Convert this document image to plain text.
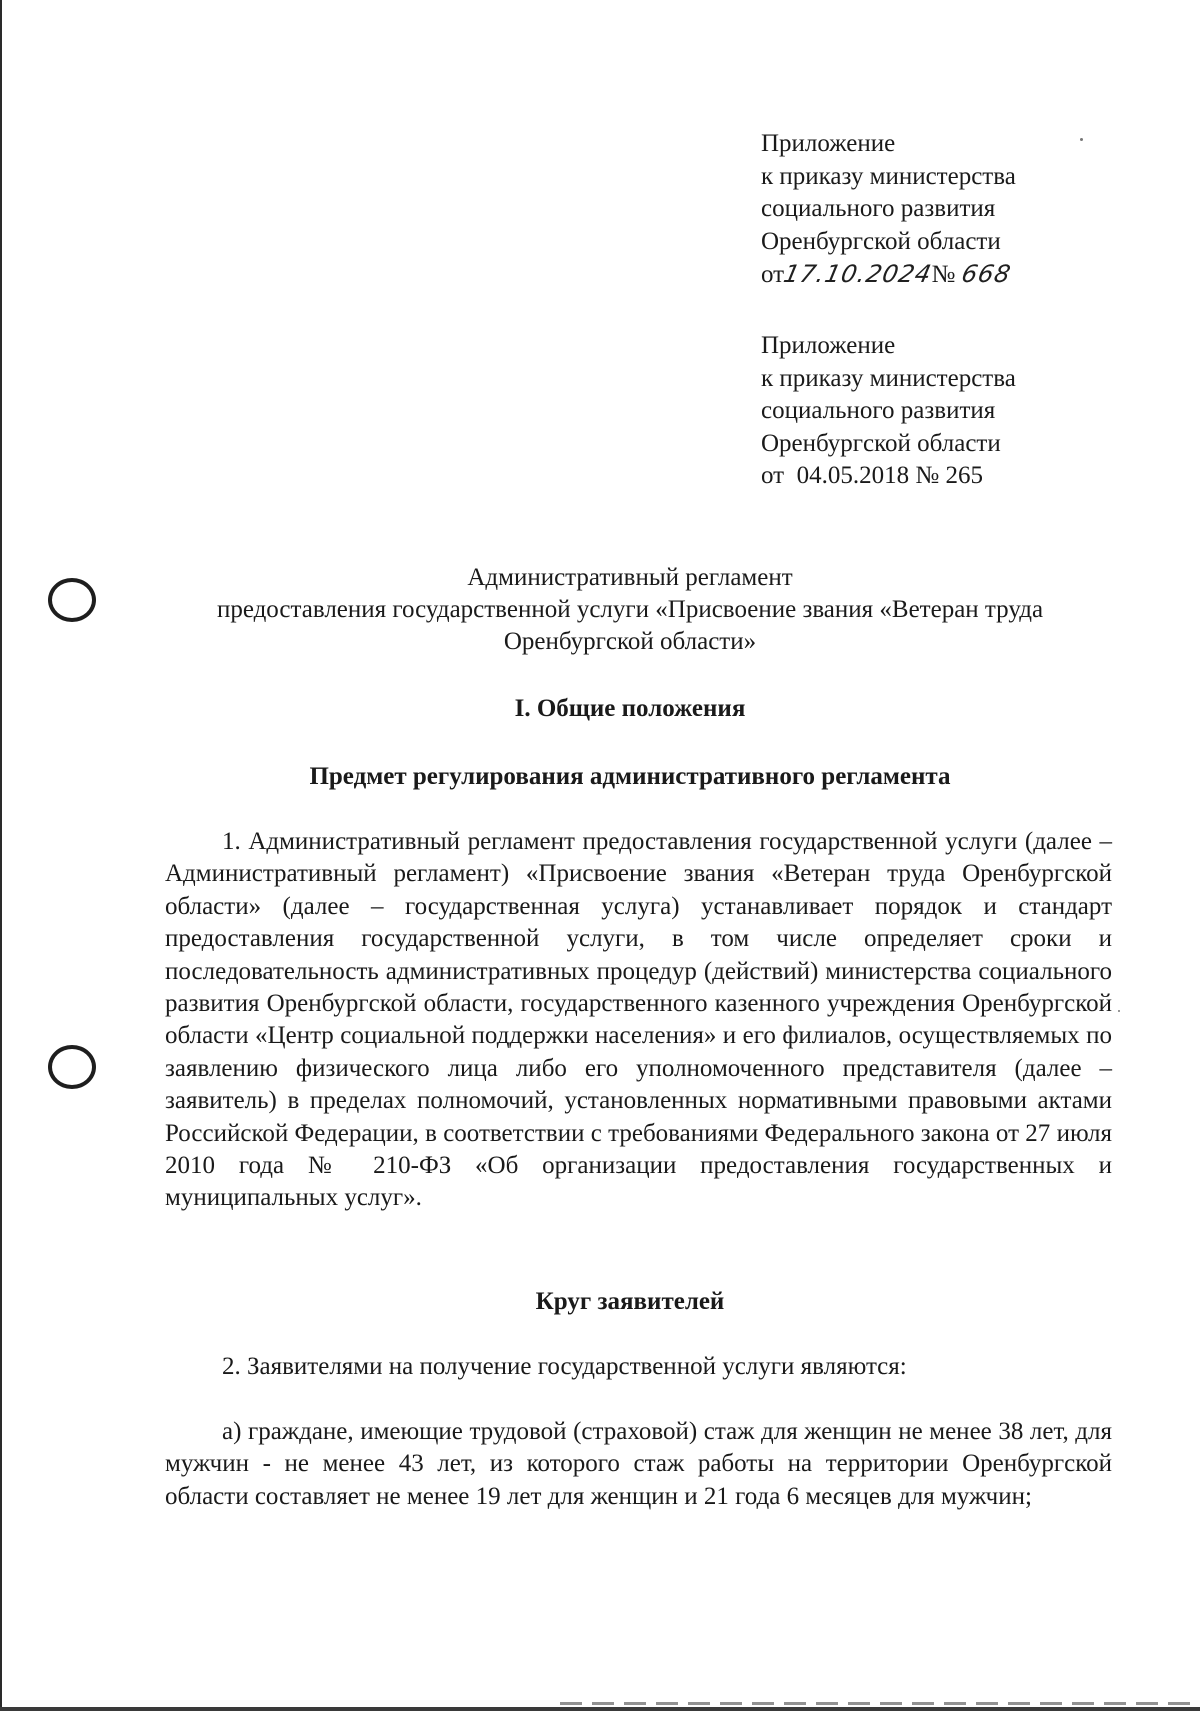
Приложение
к приказу министерства
социального развития
Оренбургской области
от17.10.2024№ 668
Приложение
к приказу министерства
социального развития
Оренбургской области
от  04.05.2018 № 265
Административный регламент
предоставления государственной услуги «Присвоение звания «Ветеран труда
Оренбургской области»
I. Общие положения
Предмет регулирования административного регламента
1. Административный регламент предоставления государственной услуги (далее – Административный регламент) «Присвоение звания «Ветеран труда Оренбургской области» (далее – государственная услуга) устанавливает порядок и стандарт предоставления государственной услуги, в том числе определяет сроки и последовательность административных процедур (действий) министерства социального развития Оренбургской области, государственного казенного учреждения Оренбургской области «Центр социальной поддержки населения» и его филиалов, осуществляемых по заявлению физического лица либо его уполномоченного представителя (далее – заявитель) в пределах полномочий, установленных нормативными правовыми актами Российской Федерации, в соответствии с требованиями Федерального закона от 27 июля 2010 года № 210-ФЗ «Об организации предоставления государственных и муниципальных услуг».
Круг заявителей
2. Заявителями на получение государственной услуги являются:
а) граждане, имеющие трудовой (страховой) стаж для женщин не менее 38 лет, для мужчин - не менее 43 лет, из которого стаж работы на территории Оренбургской области составляет не менее 19 лет для женщин и 21 года 6 месяцев для мужчин;
